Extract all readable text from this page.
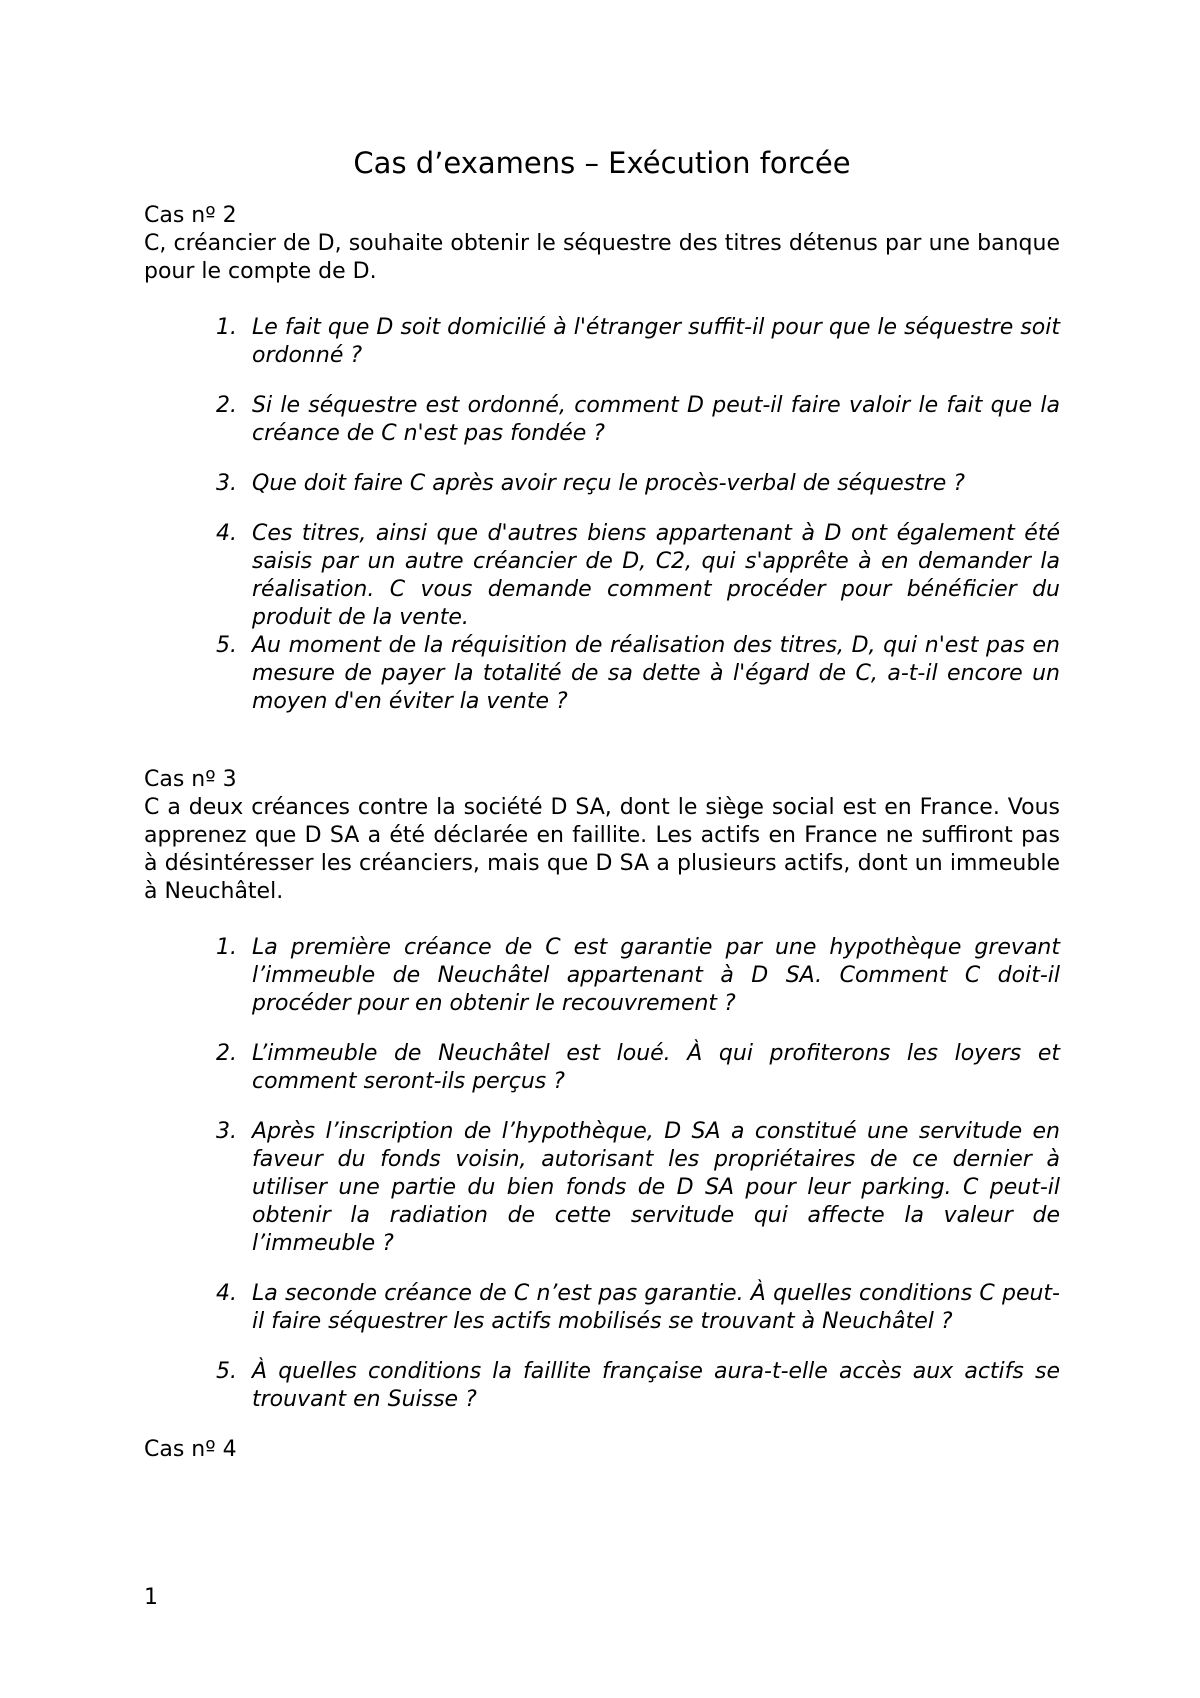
Cas d’examens – Exécution forcée

Cas nº 2

C, créancier de D, souhaite obtenir le séquestre des titres détenus par une banque pour le compte de D.

1. Le fait que D soit domicilié à l'étranger suffit-il pour que le séquestre soit ordonné ?
2. Si le séquestre est ordonné, comment D peut-il faire valoir le fait que la créance de C n'est pas fondée ?
3. Que doit faire C après avoir reçu le procès-verbal de séquestre ?
4. Ces titres, ainsi que d'autres biens appartenant à D ont également été saisis par un autre créancier de D, C2, qui s'apprête à en demander la réalisation. C vous demande comment procéder pour bénéficier du produit de la vente.
5. Au moment de la réquisition de réalisation des titres, D, qui n'est pas en mesure de payer la totalité de sa dette à l'égard de C, a-t-il encore un moyen d'en éviter la vente ?

Cas nº 3

C a deux créances contre la société D SA, dont le siège social est en France. Vous apprenez que D SA a été déclarée en faillite. Les actifs en France ne suffiront pas à désintéresser les créanciers, mais que D SA a plusieurs actifs, dont un immeuble à Neuchâtel.

1. La première créance de C est garantie par une hypothèque grevant l’immeuble de Neuchâtel appartenant à D SA. Comment C doit-il procéder pour en obtenir le recouvrement ?
2. L’immeuble de Neuchâtel est loué. À qui profiterons les loyers et comment seront-ils perçus ?
3. Après l’inscription de l’hypothèque, D SA a constitué une servitude en faveur du fonds voisin, autorisant les propriétaires de ce dernier à utiliser une partie du bien fonds de D SA pour leur parking. C peut-il obtenir la radiation de cette servitude qui affecte la valeur de l’immeuble ?
4. La seconde créance de C n’est pas garantie. À quelles conditions C peut-il faire séquestrer les actifs mobilisés se trouvant à Neuchâtel ?
5. À quelles conditions la faillite française aura-t-elle accès aux actifs se trouvant en Suisse ?

Cas nº 4

1
